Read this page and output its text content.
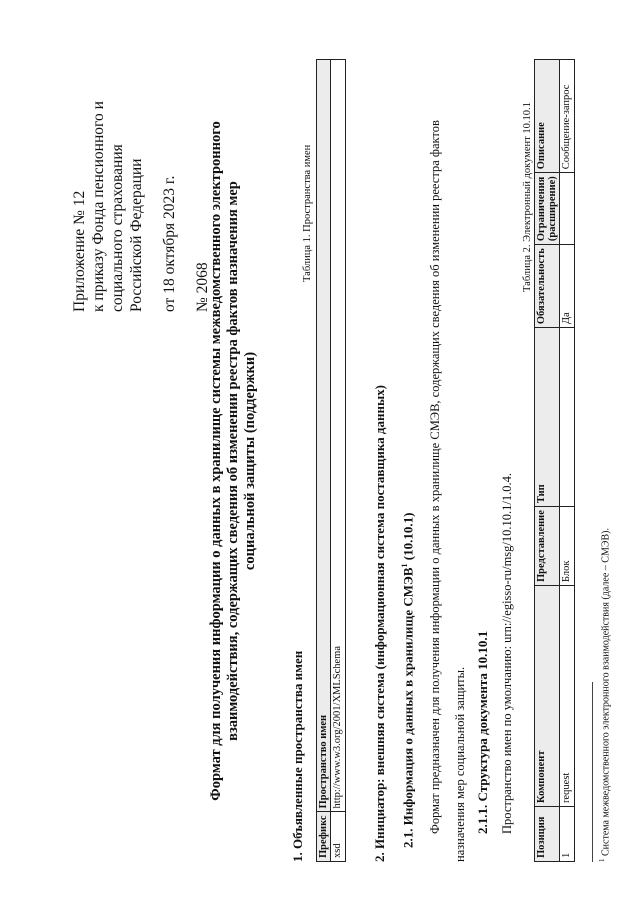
Приложение № 12 к приказу Фонда пенсионного и социального страхования Российской Федерации от 18 октября 2023 г. № 2068
Формат для получения информации о данных в хранилище системы межведомственного электронного взаимодействия, содержащих сведения об изменении реестра фактов назначения мер социальной защиты (поддержки)
1. Объявленные пространства имен
Таблица 1. Пространства имен
Префикс	Пространство имен
xsd	http://www.w3.org/2001/XMLSchema 2. Инициатор: внешняя система (информационная система поставщика данных) 2.1. Информация о данных в хранилище СМЭВ$^1$ (10.10.1) Формат предназначен для получения информации о данных в хранилище СМЭВ, содержащих сведения об изменении реестра фактов назначения мер социальной защиты. 2.1.1. Структура документа 10.10.1 Пространство имен по умолчанию: urn://egisso-ru/msg/10.10.1/1.0.4.
Таблица 2. Электронный документ 10.10.1
Позиция	Компонент	Представление	Тип	Обязательность	Ограничения (расширение)	Описание
1	request	Блок		Да		Сообщение-запрос
$^1$ Система межведомственного электронного взаимодействия (далее – СМЭВ).
